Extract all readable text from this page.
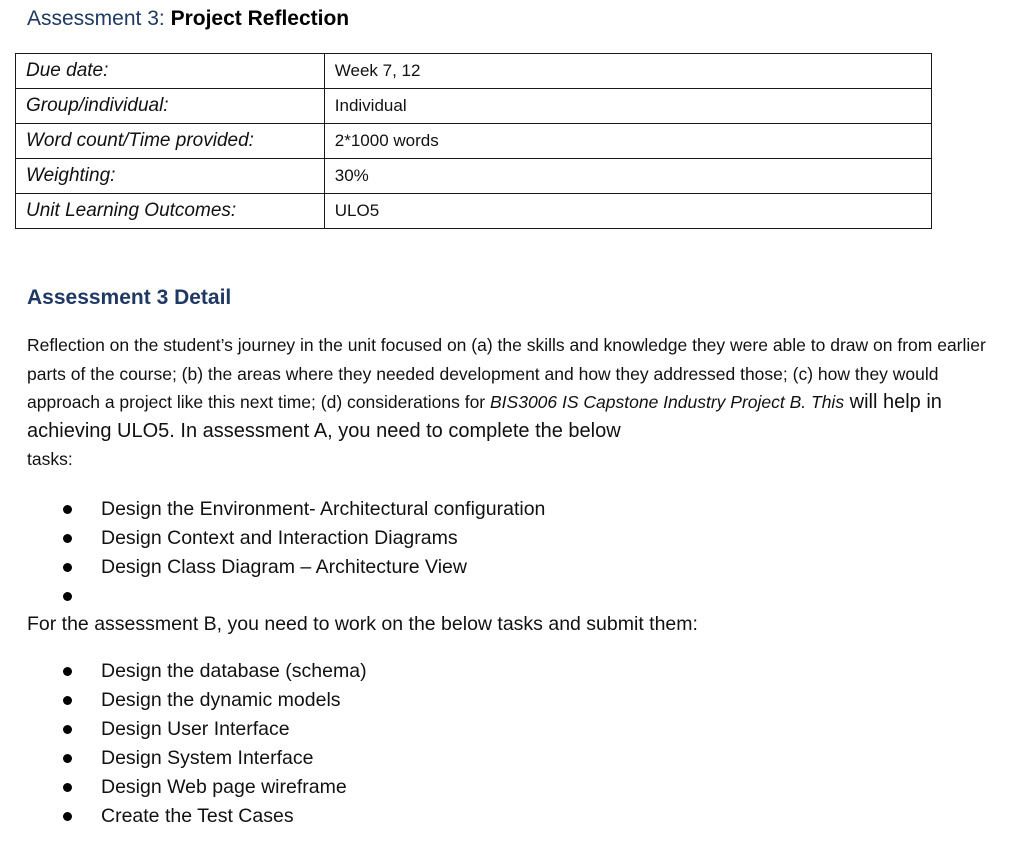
Assessment 3: Project Reflection
Due date:	Week 7, 12
Group/individual:	Individual
Word count/Time provided:	2*1000 words
Weighting:	30%
Unit Learning Outcomes:	ULO5
Assessment 3 Detail
Reflection on the student’s journey in the unit focused on (a) the skills and knowledge they were able to draw on from earlier parts of the course; (b) the areas where they needed development and how they addressed those; (c) how they would approach a project like this next time; (d) considerations for BIS3006 IS Capstone Industry Project B. This will help in achieving ULO5. In assessment A, you need to complete the below
tasks:
Design the Environment- Architectural configuration
Design Context and Interaction Diagrams
Design Class Diagram – Architecture View
For the assessment B, you need to work on the below tasks and submit them:
Design the database (schema)
Design the dynamic models
Design User Interface
Design System Interface
Design Web page wireframe
Create the Test Cases
